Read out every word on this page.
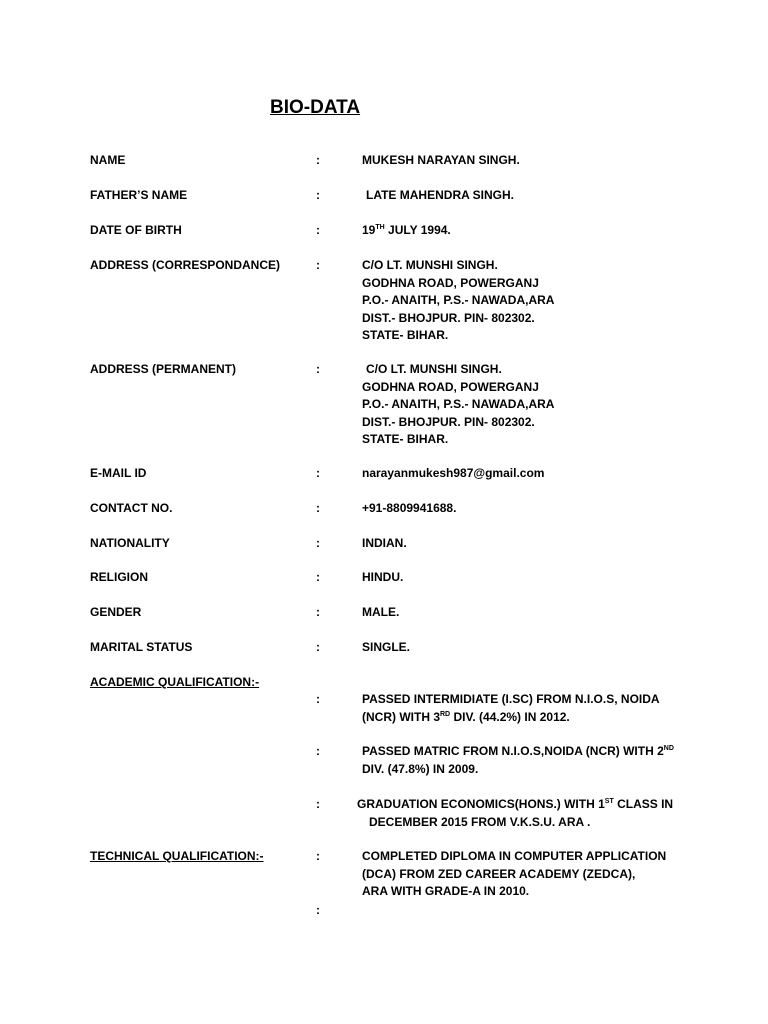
BIO-DATA
NAME	:	MUKESH NARAYAN SINGH.
FATHER’S NAME	:	LATE MAHENDRA SINGH.
DATE OF BIRTH	:	19TH JULY 1994.
ADDRESS (CORRESPONDANCE)	:	C/O LT. MUNSHI SINGH.
GODHNA ROAD, POWERGANJ
P.O.- ANAITH, P.S.- NAWADA,ARA
DIST.- BHOJPUR. PIN- 802302.
STATE- BIHAR.
ADDRESS (PERMANENT)	:	C/O LT. MUNSHI SINGH.
GODHNA ROAD, POWERGANJ
P.O.- ANAITH, P.S.- NAWADA,ARA
DIST.- BHOJPUR. PIN- 802302.
STATE- BIHAR.
E-MAIL ID	:	narayanmukesh987@gmail.com
CONTACT NO.	:	+91-8809941688.
NATIONALITY	:	INDIAN.
RELIGION	:	HINDU.
GENDER	:	MALE.
MARITAL STATUS	:	SINGLE.
ACADEMIC QUALIFICATION:-
:	PASSED INTERMIDIATE (I.SC) FROM N.I.O.S, NOIDA
(NCR) WITH 3RD DIV. (44.2%) IN 2012.
:	PASSED MATRIC FROM N.I.O.S,NOIDA (NCR) WITH 2ND
DIV. (47.8%) IN 2009.
:	GRADUATION ECONOMICS(HONS.) WITH 1ST CLASS IN
DECEMBER 2015 FROM V.K.S.U. ARA .
TECHNICAL QUALIFICATION:-	:	COMPLETED DIPLOMA IN COMPUTER APPLICATION
(DCA) FROM ZED CAREER ACADEMY (ZEDCA),
ARA WITH GRADE-A IN 2010.
:
